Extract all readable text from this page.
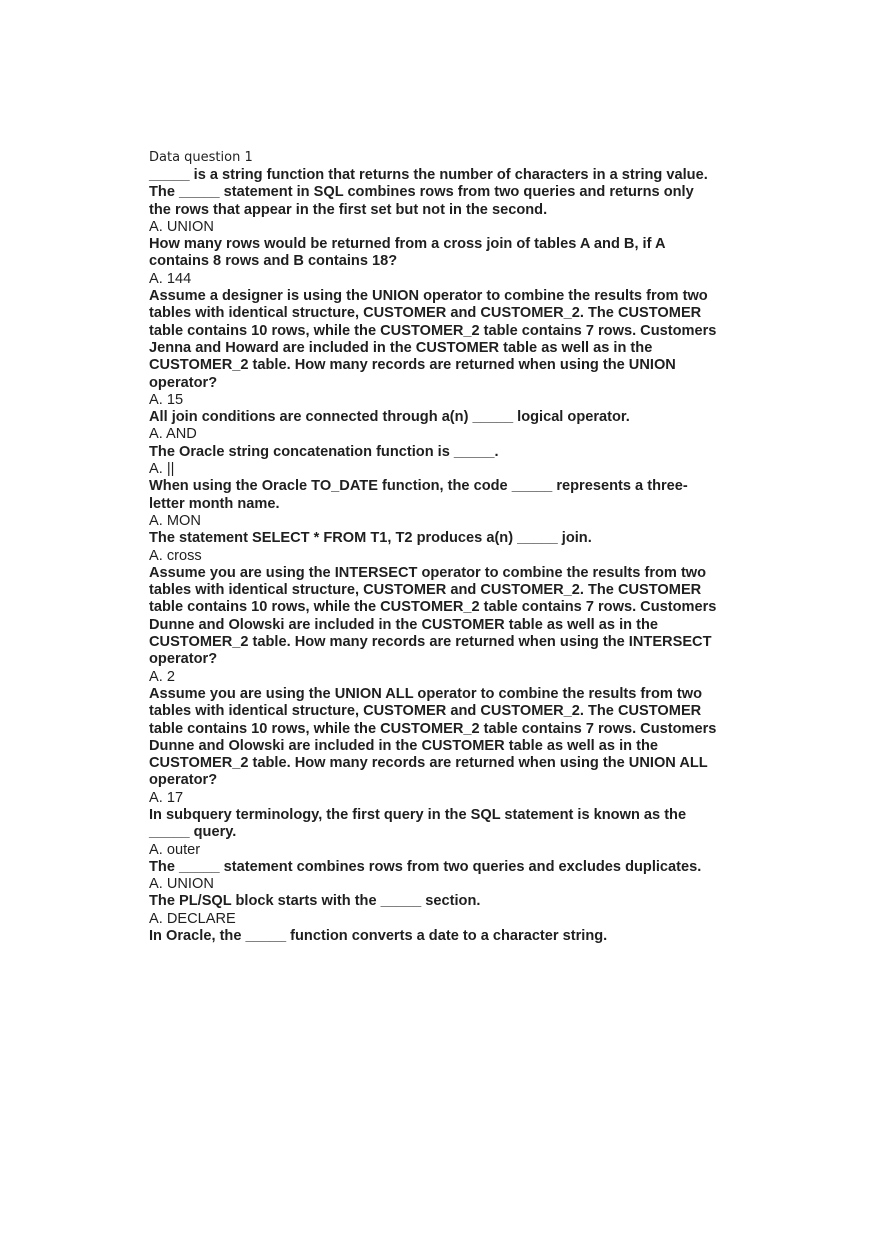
Data question 1

_____ is a string function that returns the number of characters in a string value.

The _____ statement in SQL combines rows from two queries and returns only
the rows that appear in the first set but not in the second.

A. UNION

How many rows would be returned from a cross join of tables A and B, if A
contains 8 rows and B contains 18?

A. 144

Assume a designer is using the UNION operator to combine the results from two
tables with identical structure, CUSTOMER and CUSTOMER_2. The CUSTOMER
table contains 10 rows, while the CUSTOMER_2 table contains 7 rows. Customers
Jenna and Howard are included in the CUSTOMER table as well as in the
CUSTOMER_2 table. How many records are returned when using the UNION
operator?

A. 15

All join conditions are connected through a(n) _____ logical operator.

A. AND

The Oracle string concatenation function is _____.

A. ||

When using the Oracle TO_DATE function, the code _____ represents a three-
letter month name.

A. MON

The statement SELECT * FROM T1, T2 produces a(n) _____ join.

A. cross

Assume you are using the INTERSECT operator to combine the results from two
tables with identical structure, CUSTOMER and CUSTOMER_2. The CUSTOMER
table contains 10 rows, while the CUSTOMER_2 table contains 7 rows. Customers
Dunne and Olowski are included in the CUSTOMER table as well as in the
CUSTOMER_2 table. How many records are returned when using the INTERSECT
operator?

A. 2

Assume you are using the UNION ALL operator to combine the results from two
tables with identical structure, CUSTOMER and CUSTOMER_2. The CUSTOMER
table contains 10 rows, while the CUSTOMER_2 table contains 7 rows. Customers
Dunne and Olowski are included in the CUSTOMER table as well as in the
CUSTOMER_2 table. How many records are returned when using the UNION ALL
operator?

A. 17

In subquery terminology, the first query in the SQL statement is known as the
_____ query.

A. outer

The _____ statement combines rows from two queries and excludes duplicates.

A. UNION

The PL/SQL block starts with the _____ section.

A. DECLARE

In Oracle, the _____ function converts a date to a character string.
